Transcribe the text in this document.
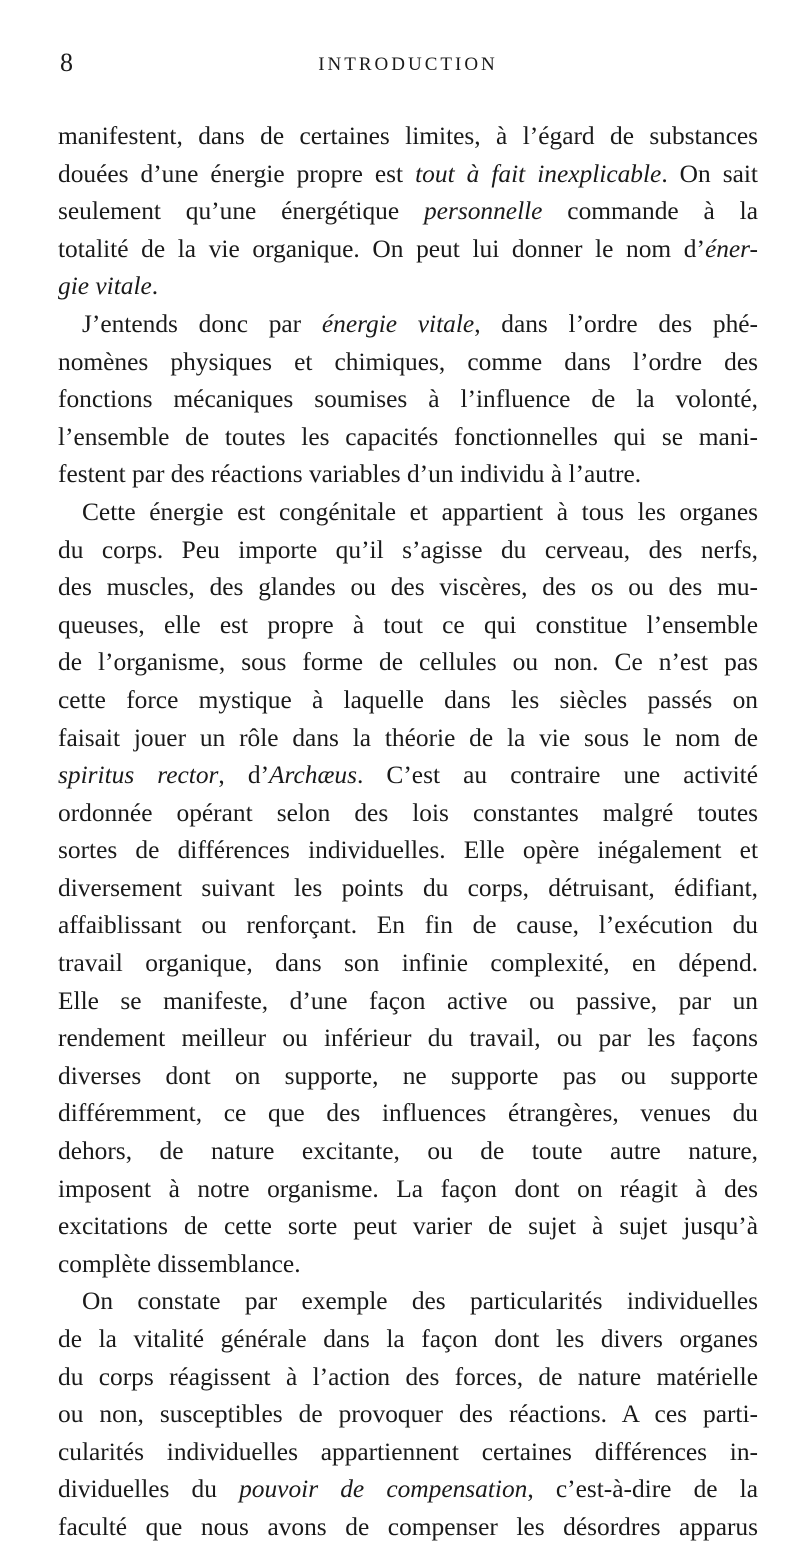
8	INTRODUCTION

manifestent, dans de certaines limites, à l’égard de substances
douées d’une énergie propre est tout à fait inexplicable. On sait
seulement qu’une énergétique personnelle commande à la
totalité de la vie organique. On peut lui donner le nom d’éner-
gie vitale.

J’entends donc par énergie vitale, dans l’ordre des phé-
nomènes physiques et chimiques, comme dans l’ordre des
fonctions mécaniques soumises à l’influence de la volonté,
l’ensemble de toutes les capacités fonctionnelles qui se mani-
festent par des réactions variables d’un individu à l’autre.

Cette énergie est congénitale et appartient à tous les organes
du corps. Peu importe qu’il s’agisse du cerveau, des nerfs,
des muscles, des glandes ou des viscères, des os ou des mu-
queuses, elle est propre à tout ce qui constitue l’ensemble
de l’organisme, sous forme de cellules ou non. Ce n’est pas
cette force mystique à laquelle dans les siècles passés on
faisait jouer un rôle dans la théorie de la vie sous le nom de
spiritus rector, d’Archæus. C’est au contraire une activité
ordonnée opérant selon des lois constantes malgré toutes
sortes de différences individuelles. Elle opère inégalement et
diversement suivant les points du corps, détruisant, édifiant,
affaiblissant ou renforçant. En fin de cause, l’exécution du
travail organique, dans son infinie complexité, en dépend.
Elle se manifeste, d’une façon active ou passive, par un
rendement meilleur ou inférieur du travail, ou par les façons
diverses dont on supporte, ne supporte pas ou supporte
différemment, ce que des influences étrangères, venues du
dehors, de nature excitante, ou de toute autre nature,
imposent à notre organisme. La façon dont on réagit à des
excitations de cette sorte peut varier de sujet à sujet jusqu’à
complète dissemblance.

On constate par exemple des particularités individuelles
de la vitalité générale dans la façon dont les divers organes
du corps réagissent à l’action des forces, de nature matérielle
ou non, susceptibles de provoquer des réactions. A ces parti-
cularités individuelles appartiennent certaines différences in-
dividuelles du pouvoir de compensation, c’est-à-dire de la
faculté que nous avons de compenser les désordres apparus
